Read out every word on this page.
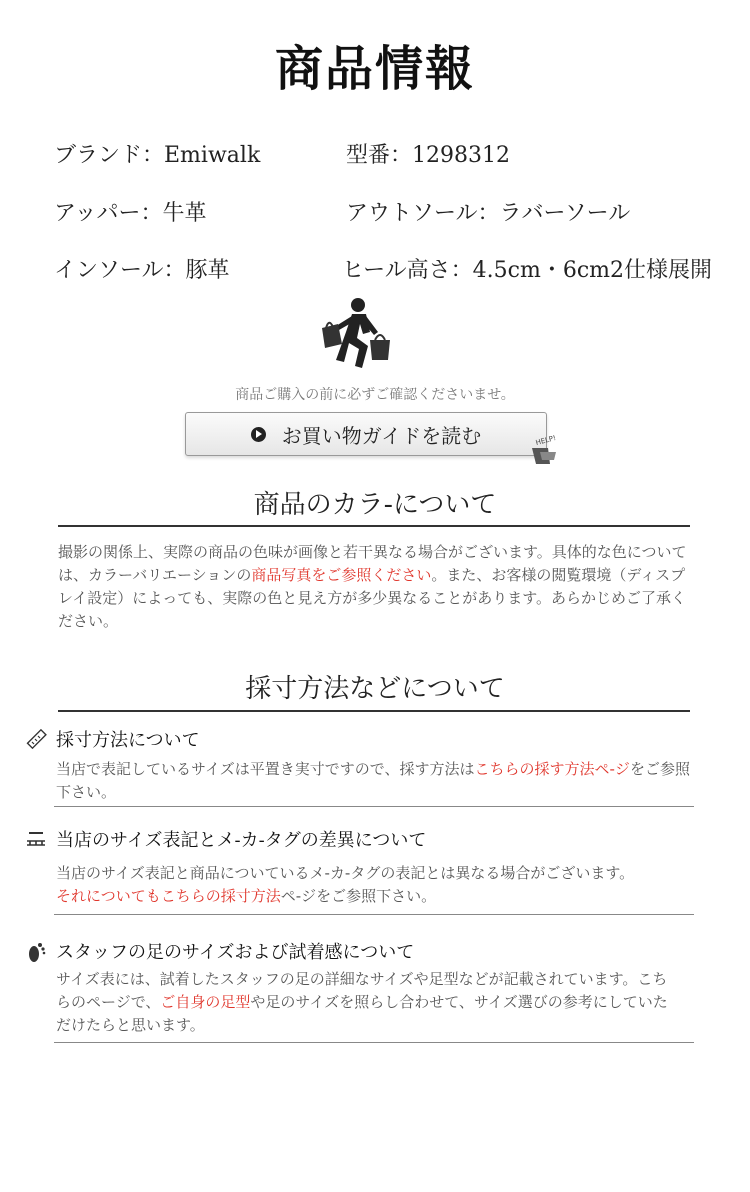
商品情報
ブランド：Emiwalk	型番：1298312
アッパー：牛革	アウトソール：ラバーソール
インソール：豚革	ヒール高さ：4.5cm・6cm2仕様展開
商品ご購入の前に必ずご確認くださいませ。
お買い物ガイドを読む	HELP!
商品のカラ-について
撮影の関係上、実際の商品の色味が画像と若干異なる場合がございます。具体的な色については、カラーバリエーションの商品写真をご参照ください。また、お客様の閲覧環境（ディスプレイ設定）によっても、実際の色と見え方が多少異なることがあります。あらかじめご了承ください。
採寸方法などについて
採寸方法について
当店で表記しているサイズは平置き実寸ですので、採す方法はこちらの採す方法ペ-ジをご参照下さい。
当店のサイズ表記とメ-カ-タグの差異について
当店のサイズ表記と商品についているメ-カ-タグの表記とは異なる場合がございます。
それについてもこちらの採寸方法ペ-ジをご参照下さい。
スタッフの足のサイズおよび試着感について
サイズ表には、試着したスタッフの足の詳細なサイズや足型などが記載されています。こちらのページで、ご自身の足型や足のサイズを照らし合わせて、サイズ選びの参考にしていただけたらと思います。
